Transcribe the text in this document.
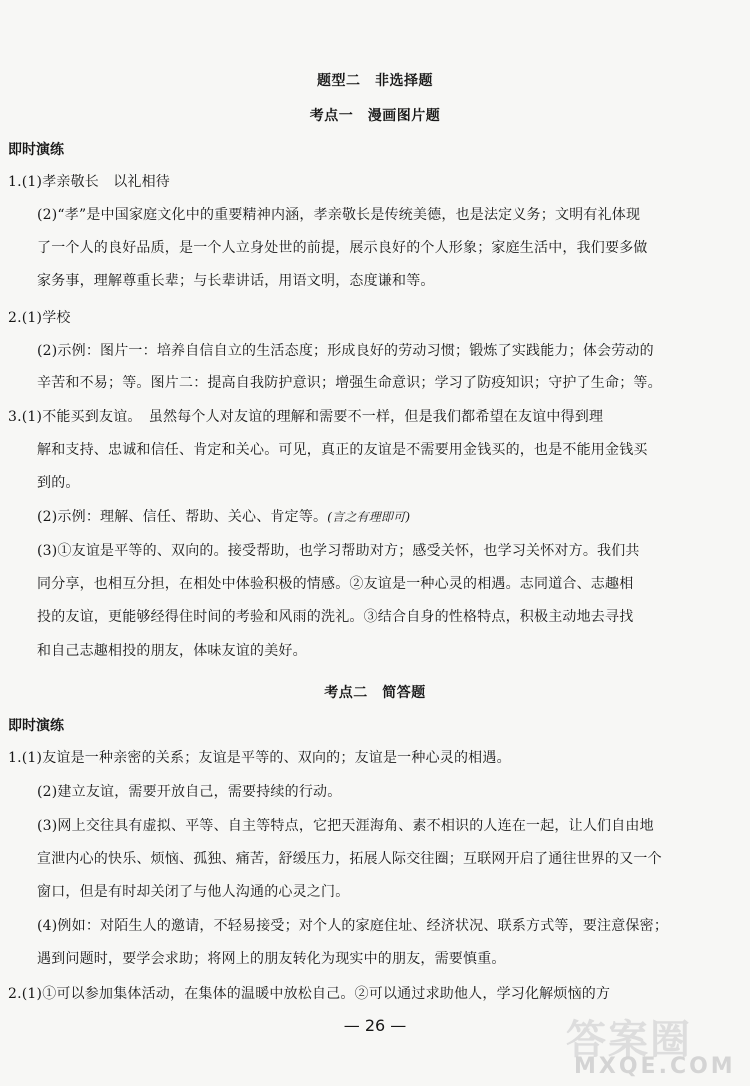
题型二　非选择题
考点一　漫画图片题
即时演练
1.(1)孝亲敬长　以礼相待
(2)“孝”是中国家庭文化中的重要精神内涵，孝亲敬长是传统美德，也是法定义务；文明有礼体现
了一个人的良好品质，是一个人立身处世的前提，展示良好的个人形象；家庭生活中，我们要多做
家务事，理解尊重长辈；与长辈讲话，用语文明，态度谦和等。
2.(1)学校
(2)示例：图片一：培养自信自立的生活态度；形成良好的劳动习惯；锻炼了实践能力；体会劳动的
辛苦和不易；等。图片二：提高自我防护意识；增强生命意识；学习了防疫知识；守护了生命；等。
3.(1)不能买到友谊。　虽然每个人对友谊的理解和需要不一样，但是我们都希望在友谊中得到理
解和支持、忠诚和信任、肯定和关心。可见，真正的友谊是不需要用金钱买的，也是不能用金钱买
到的。
(2)示例：理解、信任、帮助、关心、肯定等。(言之有理即可)
(3)①友谊是平等的、双向的。接受帮助，也学习帮助对方；感受关怀，也学习关怀对方。我们共
同分享，也相互分担，在相处中体验积极的情感。②友谊是一种心灵的相遇。志同道合、志趣相
投的友谊，更能够经得住时间的考验和风雨的洗礼。③结合自身的性格特点，积极主动地去寻找
和自己志趣相投的朋友，体味友谊的美好。
考点二　简答题
即时演练
1.(1)友谊是一种亲密的关系；友谊是平等的、双向的；友谊是一种心灵的相遇。
(2)建立友谊，需要开放自己，需要持续的行动。
(3)网上交往具有虚拟、平等、自主等特点，它把天涯海角、素不相识的人连在一起，让人们自由地
宣泄内心的快乐、烦恼、孤独、痛苦，舒缓压力，拓展人际交往圈；互联网开启了通往世界的又一个
窗口，但是有时却关闭了与他人沟通的心灵之门。
(4)例如：对陌生人的邀请，不轻易接受；对个人的家庭住址、经济状况、联系方式等，要注意保密；
遇到问题时，要学会求助；将网上的朋友转化为现实中的朋友，需要慎重。
2.(1)①可以参加集体活动，在集体的温暖中放松自己。②可以通过求助他人，学习化解烦恼的方
— 26 —	答案圈
MXQE.COM
